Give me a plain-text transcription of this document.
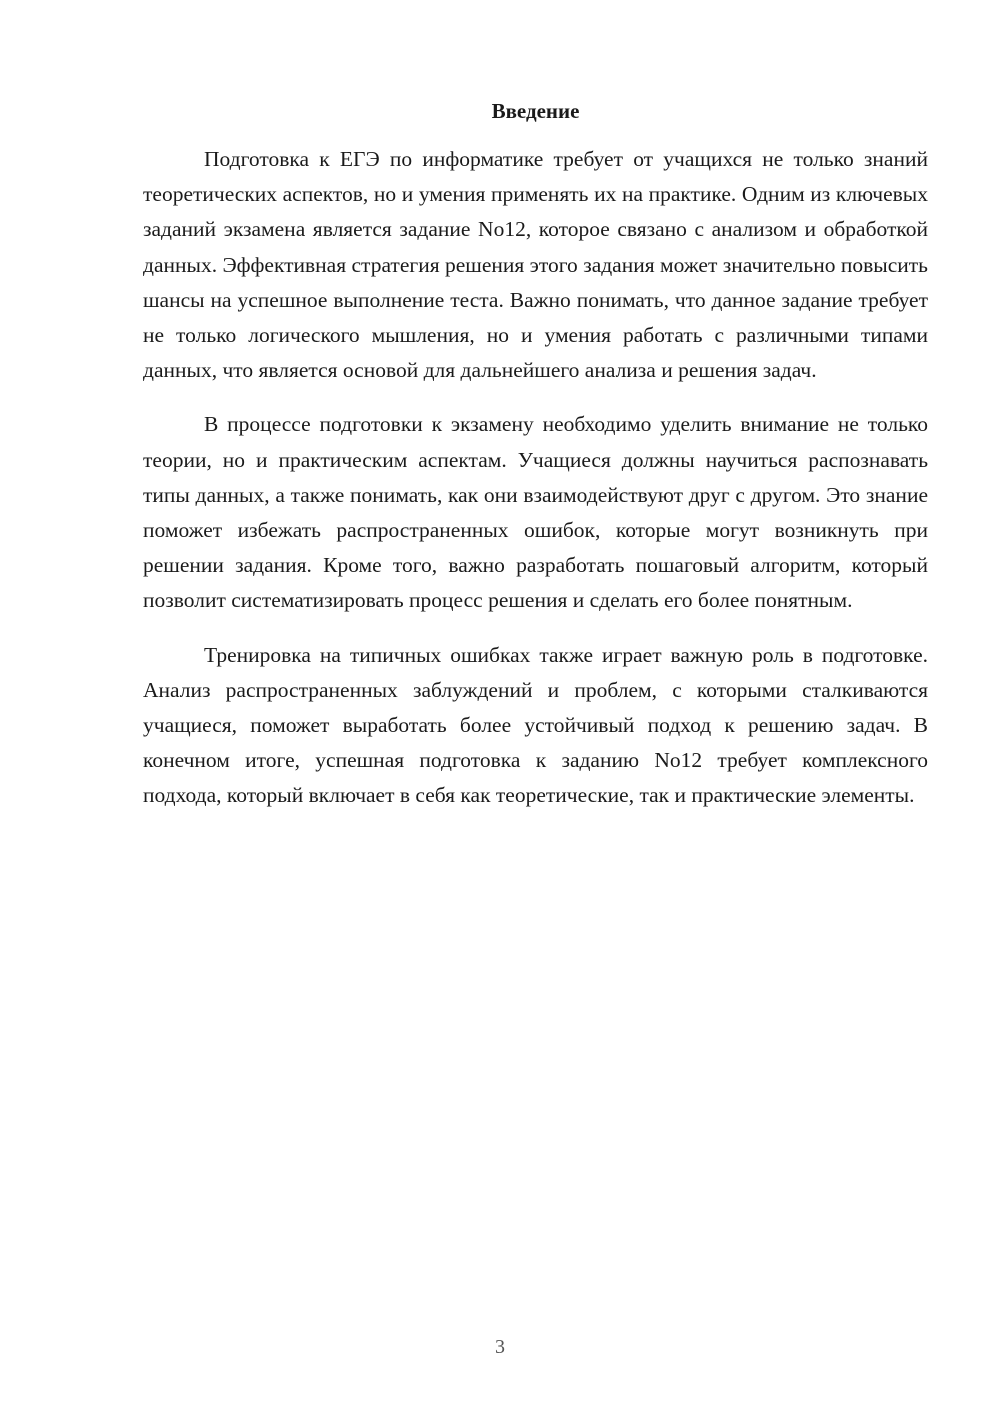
Введение

Подготовка к ЕГЭ по информатике требует от учащихся не только знаний теоретических аспектов, но и умения применять их на практике. Одним из ключевых заданий экзамена является задание No12, которое связано с анализом и обработкой данных. Эффективная стратегия решения этого задания может значительно повысить шансы на успешное выполнение теста. Важно понимать, что данное задание требует не только логического мышления, но и умения работать с различными типами данных, что является основой для дальнейшего анализа и решения задач.

В процессе подготовки к экзамену необходимо уделить внимание не только теории, но и практическим аспектам. Учащиеся должны научиться распознавать типы данных, а также понимать, как они взаимодействуют друг с другом. Это знание поможет избежать распространенных ошибок, которые могут возникнуть при решении задания. Кроме того, важно разработать пошаговый алгоритм, который позволит систематизировать процесс решения и сделать его более понятным.

Тренировка на типичных ошибках также играет важную роль в подготовке. Анализ распространенных заблуждений и проблем, с которыми сталкиваются учащиеся, поможет выработать более устойчивый подход к решению задач. В конечном итоге, успешная подготовка к заданию No12 требует комплексного подхода, который включает в себя как теоретические, так и практические элементы.

3
